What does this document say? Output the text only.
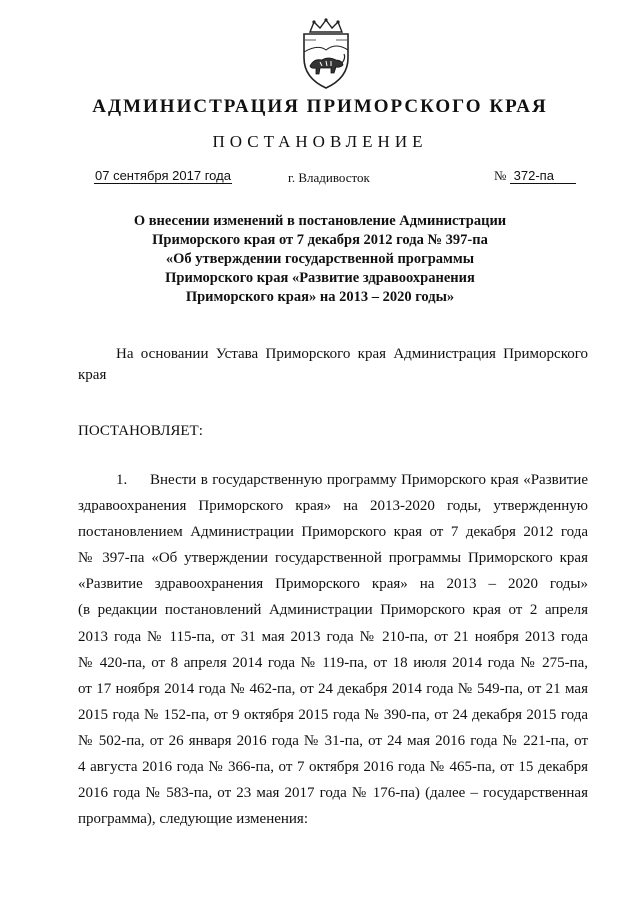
АДМИНИСТРАЦИЯ ПРИМОРСКОГО КРАЯ
ПОСТАНОВЛЕНИЕ
07 сентября 2017 года	г. Владивосток	№ 372-па
О внесении изменений в постановление Администрации
Приморского края от 7 декабря 2012 года № 397-па
«Об утверждении государственной программы
Приморского края «Развитие здравоохранения
Приморского края» на 2013 – 2020 годы»
На основании Устава Приморского края Администрация Приморского
края
ПОСТАНОВЛЯЕТ:
1. Внести в государственную программу Приморского края «Развитие
здравоохранения Приморского края» на 2013-2020 годы, утвержденную
постановлением Администрации Приморского края от 7 декабря 2012 года
№ 397-па «Об утверждении государственной программы Приморского края
«Развитие здравоохранения Приморского края» на 2013 – 2020 годы»
(в редакции постановлений Администрации Приморского края от 2 апреля
2013 года № 115-па, от 31 мая 2013 года № 210-па, от 21 ноября 2013 года
№ 420-па, от 8 апреля 2014 года № 119-па, от 18 июля 2014 года № 275-па,
от 17 ноября 2014 года № 462-па, от 24 декабря 2014 года № 549-па, от 21 мая
2015 года № 152-па, от 9 октября 2015 года № 390-па, от 24 декабря 2015 года
№ 502-па, от 26 января 2016 года № 31-па, от 24 мая 2016 года № 221-па, от
4 августа 2016 года № 366-па, от 7 октября 2016 года № 465-па, от 15 декабря
2016 года № 583-па, от 23 мая 2017 года № 176-па) (далее – государственная
программа), следующие изменения:
